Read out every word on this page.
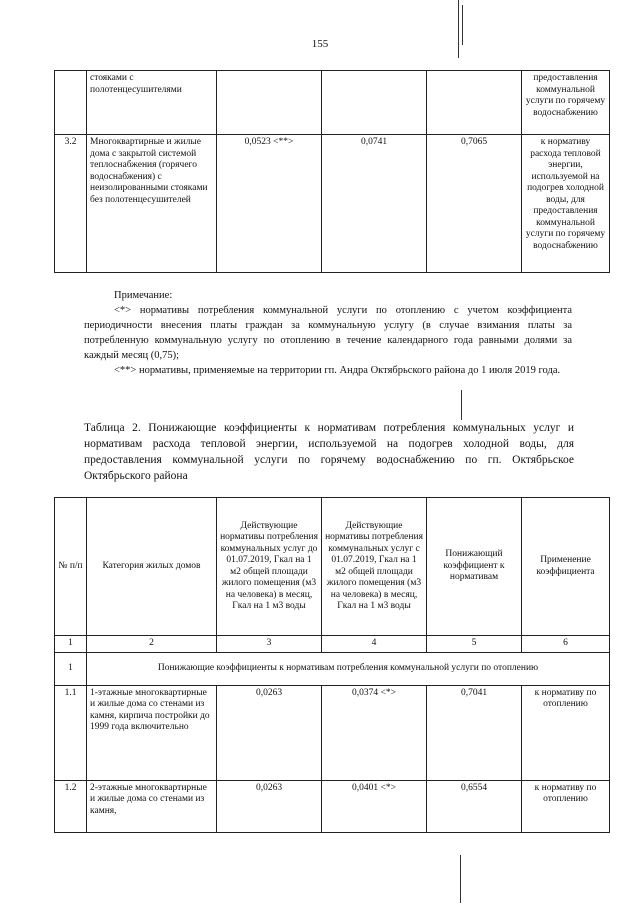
155
	стояками с полотенцесушителями				предоставления коммунальной услуги по горячему водоснабжению
3.2	Многоквартирные и жилые дома с закрытой системой теплоснабжения (горячего водоснабжения) с неизолированными стояками без полотенцесушителей	0,0523 <**>	0,0741	0,7065	к нормативу расхода тепловой энергии, используемой на подогрев холодной воды, для предоставления коммунальной услуги по горячему водоснабжению
Примечание:
<*> нормативы потребления коммунальной услуги по отоплению с учетом коэффициента периодичности внесения платы граждан за коммунальную услугу (в случае взимания платы за потребленную коммунальную услугу по отоплению в течение календарного года равными долями за каждый месяц (0,75);
<**> нормативы, применяемые на территории гп. Андра Октябрьского района до 1 июля 2019 года.
Таблица 2. Понижающие коэффициенты к нормативам потребления коммунальных услуг и нормативам расхода тепловой энергии, используемой на подогрев холодной воды, для предоставления коммунальной услуги по горячему водоснабжению по гп. Октябрьское Октябрьского района
№ п/п	Категория жилых домов	Действующие нормативы потребления коммунальных услуг до 01.07.2019, Гкал на 1 м2 общей площади жилого помещения (м3 на человека) в месяц, Гкал на 1 м3 воды	Действующие нормативы потребления коммунальных услуг с 01.07.2019, Гкал на 1 м2 общей площади жилого помещения (м3 на человека) в месяц, Гкал на 1 м3 воды	Понижающий коэффициент к нормативам	Применение коэффициента
1	2	3	4	5	6
1	Понижающие коэффициенты к нормативам потребления коммунальной услуги по отоплению				
1.1	1-этажные многоквартирные и жилые дома со стенами из камня, кирпича постройки до 1999 года включительно	0,0263	0,0374 <*>	0,7041	к нормативу по отоплению
1.2	2-этажные многоквартирные и жилые дома со стенами из камня,	0,0263	0,0401 <*>	0,6554	к нормативу по отоплению
